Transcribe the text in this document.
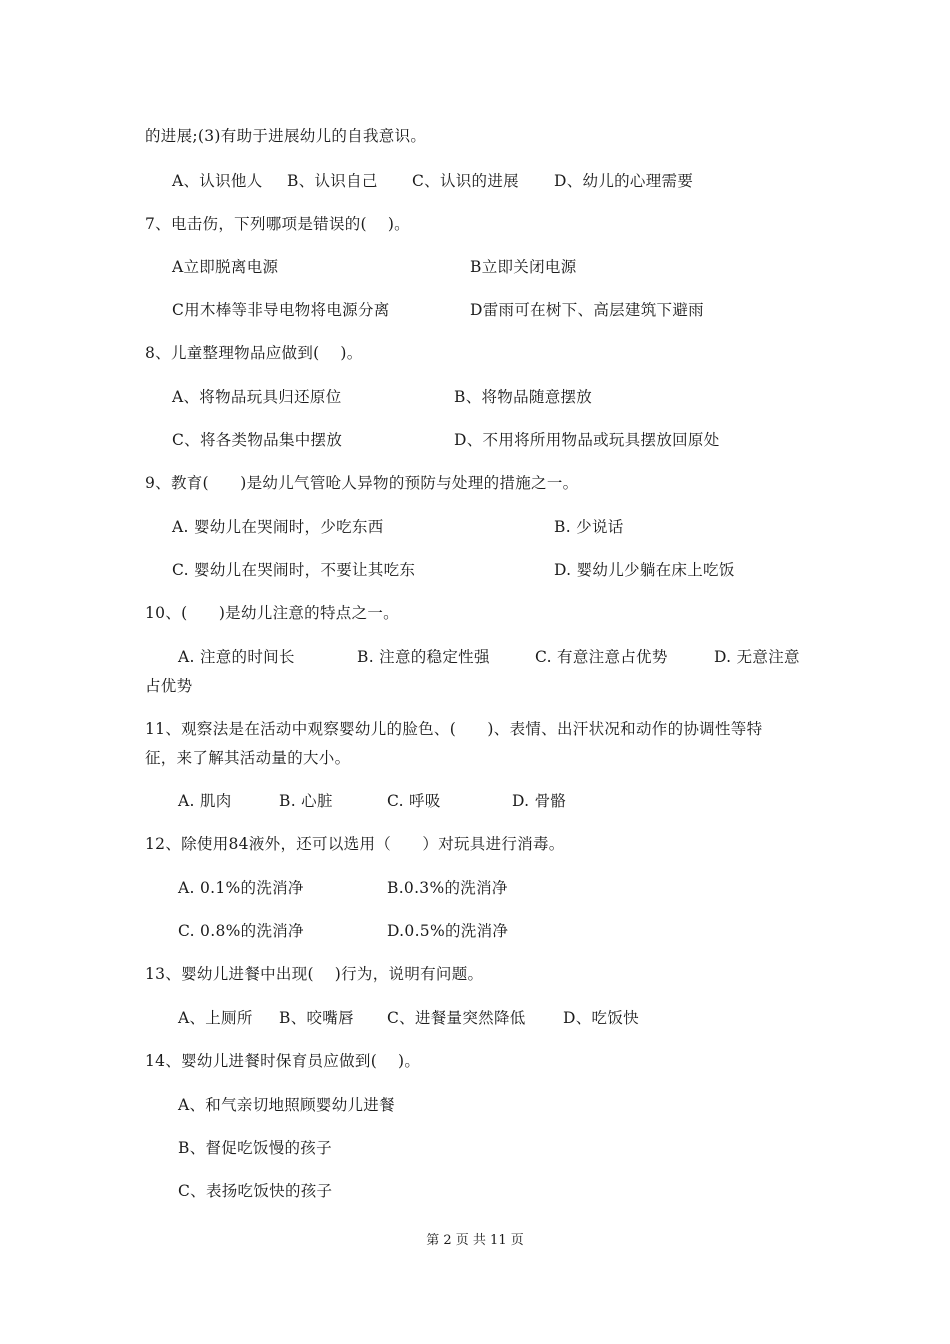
的进展;(3)有助于进展幼儿的自我意识。
A、认识他人 B、认识自己 C、认识的进展 D、幼儿的心理需要
7、电击伤，下列哪项是错误的(    )。
A立即脱离电源	B立即关闭电源
C用木棒等非导电物将电源分离	D雷雨可在树下、高层建筑下避雨
8、儿童整理物品应做到(    )。
A、将物品玩具归还原位	B、将物品随意摆放
C、将各类物品集中摆放	D、不用将所用物品或玩具摆放回原处
9、教育(      )是幼儿气管呛人异物的预防与处理的措施之一。
A. 婴幼儿在哭闹时，少吃东西	B. 少说话
C. 婴幼儿在哭闹时，不要让其吃东	D. 婴幼儿少躺在床上吃饭
10、(      )是幼儿注意的特点之一。
A. 注意的时间长	B. 注意的稳定性强	C. 有意注意占优势	D. 无意注意
占优势
11、观察法是在活动中观察婴幼儿的脸色、(      )、表情、出汗状况和动作的协调性等特
征，来了解其活动量的大小。
A. 肌肉	B. 心脏	C. 呼吸	D. 骨骼
12、除使用84液外，还可以选用（      ）对玩具进行消毒。
A. 0.1%的洗消净	B.0.3%的洗消净
C. 0.8%的洗消净	D.0.5%的洗消净
13、婴幼儿进餐中出现(    )行为，说明有问题。
A、上厕所 B、咬嘴唇 C、进餐量突然降低 D、吃饭快
14、婴幼儿进餐时保育员应做到(    )。
A、和气亲切地照顾婴幼儿进餐
B、督促吃饭慢的孩子
C、表扬吃饭快的孩子
第 2 页 共 11 页
